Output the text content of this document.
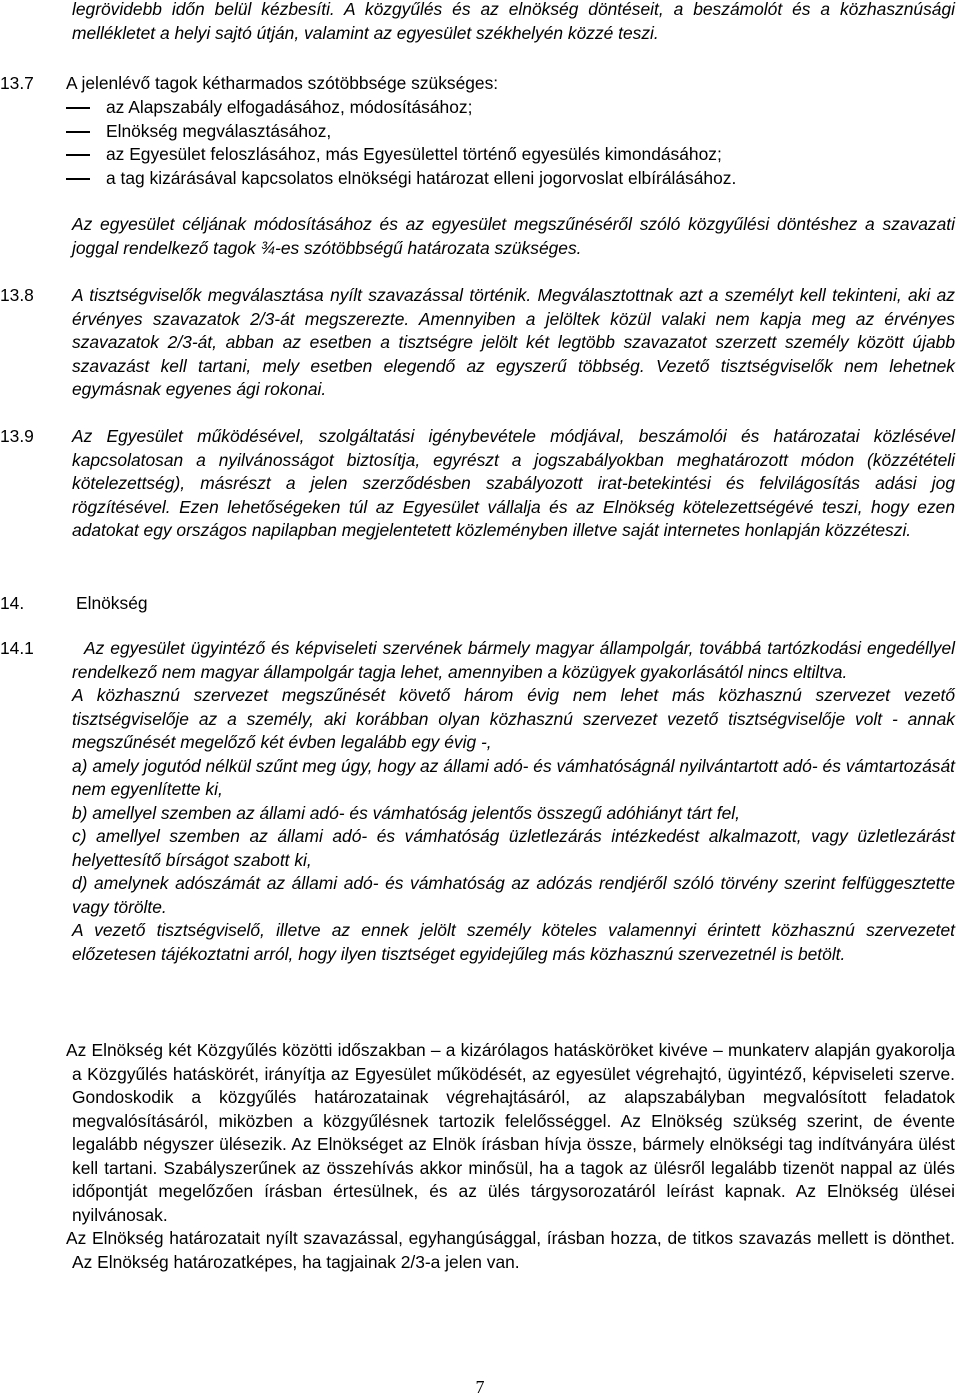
legrövidebb időn belül kézbesíti. A közgyűlés és az elnökség döntéseit, a beszámolót és a közhasznúsági mellékletet a helyi sajtó útján, valamint az egyesület székhelyén közzé teszi.
13.7 A jelenlévő tagok kétharmados szótöbbsége szükséges:
az Alapszabály elfogadásához, módosításához;
Elnökség megválasztásához,
az Egyesület feloszlásához, más Egyesülettel történő egyesülés kimondásához;
a tag kizárásával kapcsolatos elnökségi határozat elleni jogorvoslat elbírálásához.
Az egyesület céljának módosításához és az egyesület megszűnéséről szóló közgyűlési döntéshez a szavazati joggal rendelkező tagok ¾-es szótöbbségű határozata szükséges.
13.8 A tisztségviselők megválasztása nyílt szavazással történik. Megválasztottnak azt a személyt kell tekinteni, aki az érvényes szavazatok 2/3-át megszerezte. Amennyiben a jelöltek közül valaki nem kapja meg az érvényes szavazatok 2/3-át, abban az esetben a tisztségre jelölt két legtöbb szavazatot szerzett személy között újabb szavazást kell tartani, mely esetben elegendő az egyszerű többség. Vezető tisztségviselők nem lehetnek egymásnak egyenes ági rokonai.
13.9 Az Egyesület működésével, szolgáltatási igénybevétele módjával, beszámolói és határozatai közlésével kapcsolatosan a nyilvánosságot biztosítja, egyrészt a jogszabályokban meghatározott módon (közzétételi kötelezettség), másrészt a jelen szerződésben szabályozott irat-betekintési és felvilágosítás adási jog rögzítésével. Ezen lehetőségeken túl az Egyesület vállalja és az Elnökség kötelezettségévé teszi, hogy ezen adatokat egy országos napilapban megjelentetett közleményben illetve saját internetes honlapján közzéteszi.
14.	Elnökség
14.1	Az egyesület ügyintéző és képviseleti szervének bármely magyar állampolgár, továbbá tartózkodási engedéllyel rendelkező nem magyar állampolgár tagja lehet, amennyiben a közügyek gyakorlásától nincs eltiltva.
A közhasznú szervezet megszűnését követő három évig nem lehet más közhasznú szervezet vezető tisztségviselője az a személy, aki korábban olyan közhasznú szervezet vezető tisztségviselője volt - annak megszűnését megelőző két évben legalább egy évig -,
a) amely jogutód nélkül szűnt meg úgy, hogy az állami adó- és vámhatóságnál nyilvántartott adó- és vámtartozását nem egyenlítette ki,
b) amellyel szemben az állami adó- és vámhatóság jelentős összegű adóhiányt tárt fel,
c) amellyel szemben az állami adó- és vámhatóság üzletlezárás intézkedést alkalmazott, vagy üzletlezárást helyettesítő bírságot szabott ki,
d) amelynek adószámát az állami adó- és vámhatóság az adózás rendjéről szóló törvény szerint felfüggesztette vagy törölte.
A vezető tisztségviselő, illetve az ennek jelölt személy köteles valamennyi érintett közhasznú szervezetet előzetesen tájékoztatni arról, hogy ilyen tisztséget egyidejűleg más közhasznú szervezetnél is betölt.

Az Elnökség két Közgyűlés közötti időszakban – a kizárólagos hatásköröket kivéve – munkaterv alapján gyakorolja a Közgyűlés hatáskörét, irányítja az Egyesület működését, az egyesület végrehajtó, ügyintéző, képviseleti szerve. Gondoskodik a közgyűlés határozatainak végrehajtásáról, az alapszabályban megvalósított feladatok megvalósításáról, miközben a közgyűlésnek tartozik felelősséggel. Az Elnökség szükség szerint, de évente legalább négyszer ülésezik. Az Elnökséget az Elnök írásban hívja össze, bármely elnökségi tag indítványára ülést kell tartani. Szabályszerűnek az összehívás akkor minősül, ha a tagok az ülésről legalább tizenöt nappal az ülés időpontját megelőzően írásban értesülnek, és az ülés tárgysorozatáról leírást kapnak. Az Elnökség ülései nyilvánosak.

Az Elnökség határozatait nyílt szavazással, egyhangúsággal, írásban hozza, de titkos szavazás mellett is dönthet. Az Elnökség határozatképes, ha tagjainak 2/3-a jelen van.

7
